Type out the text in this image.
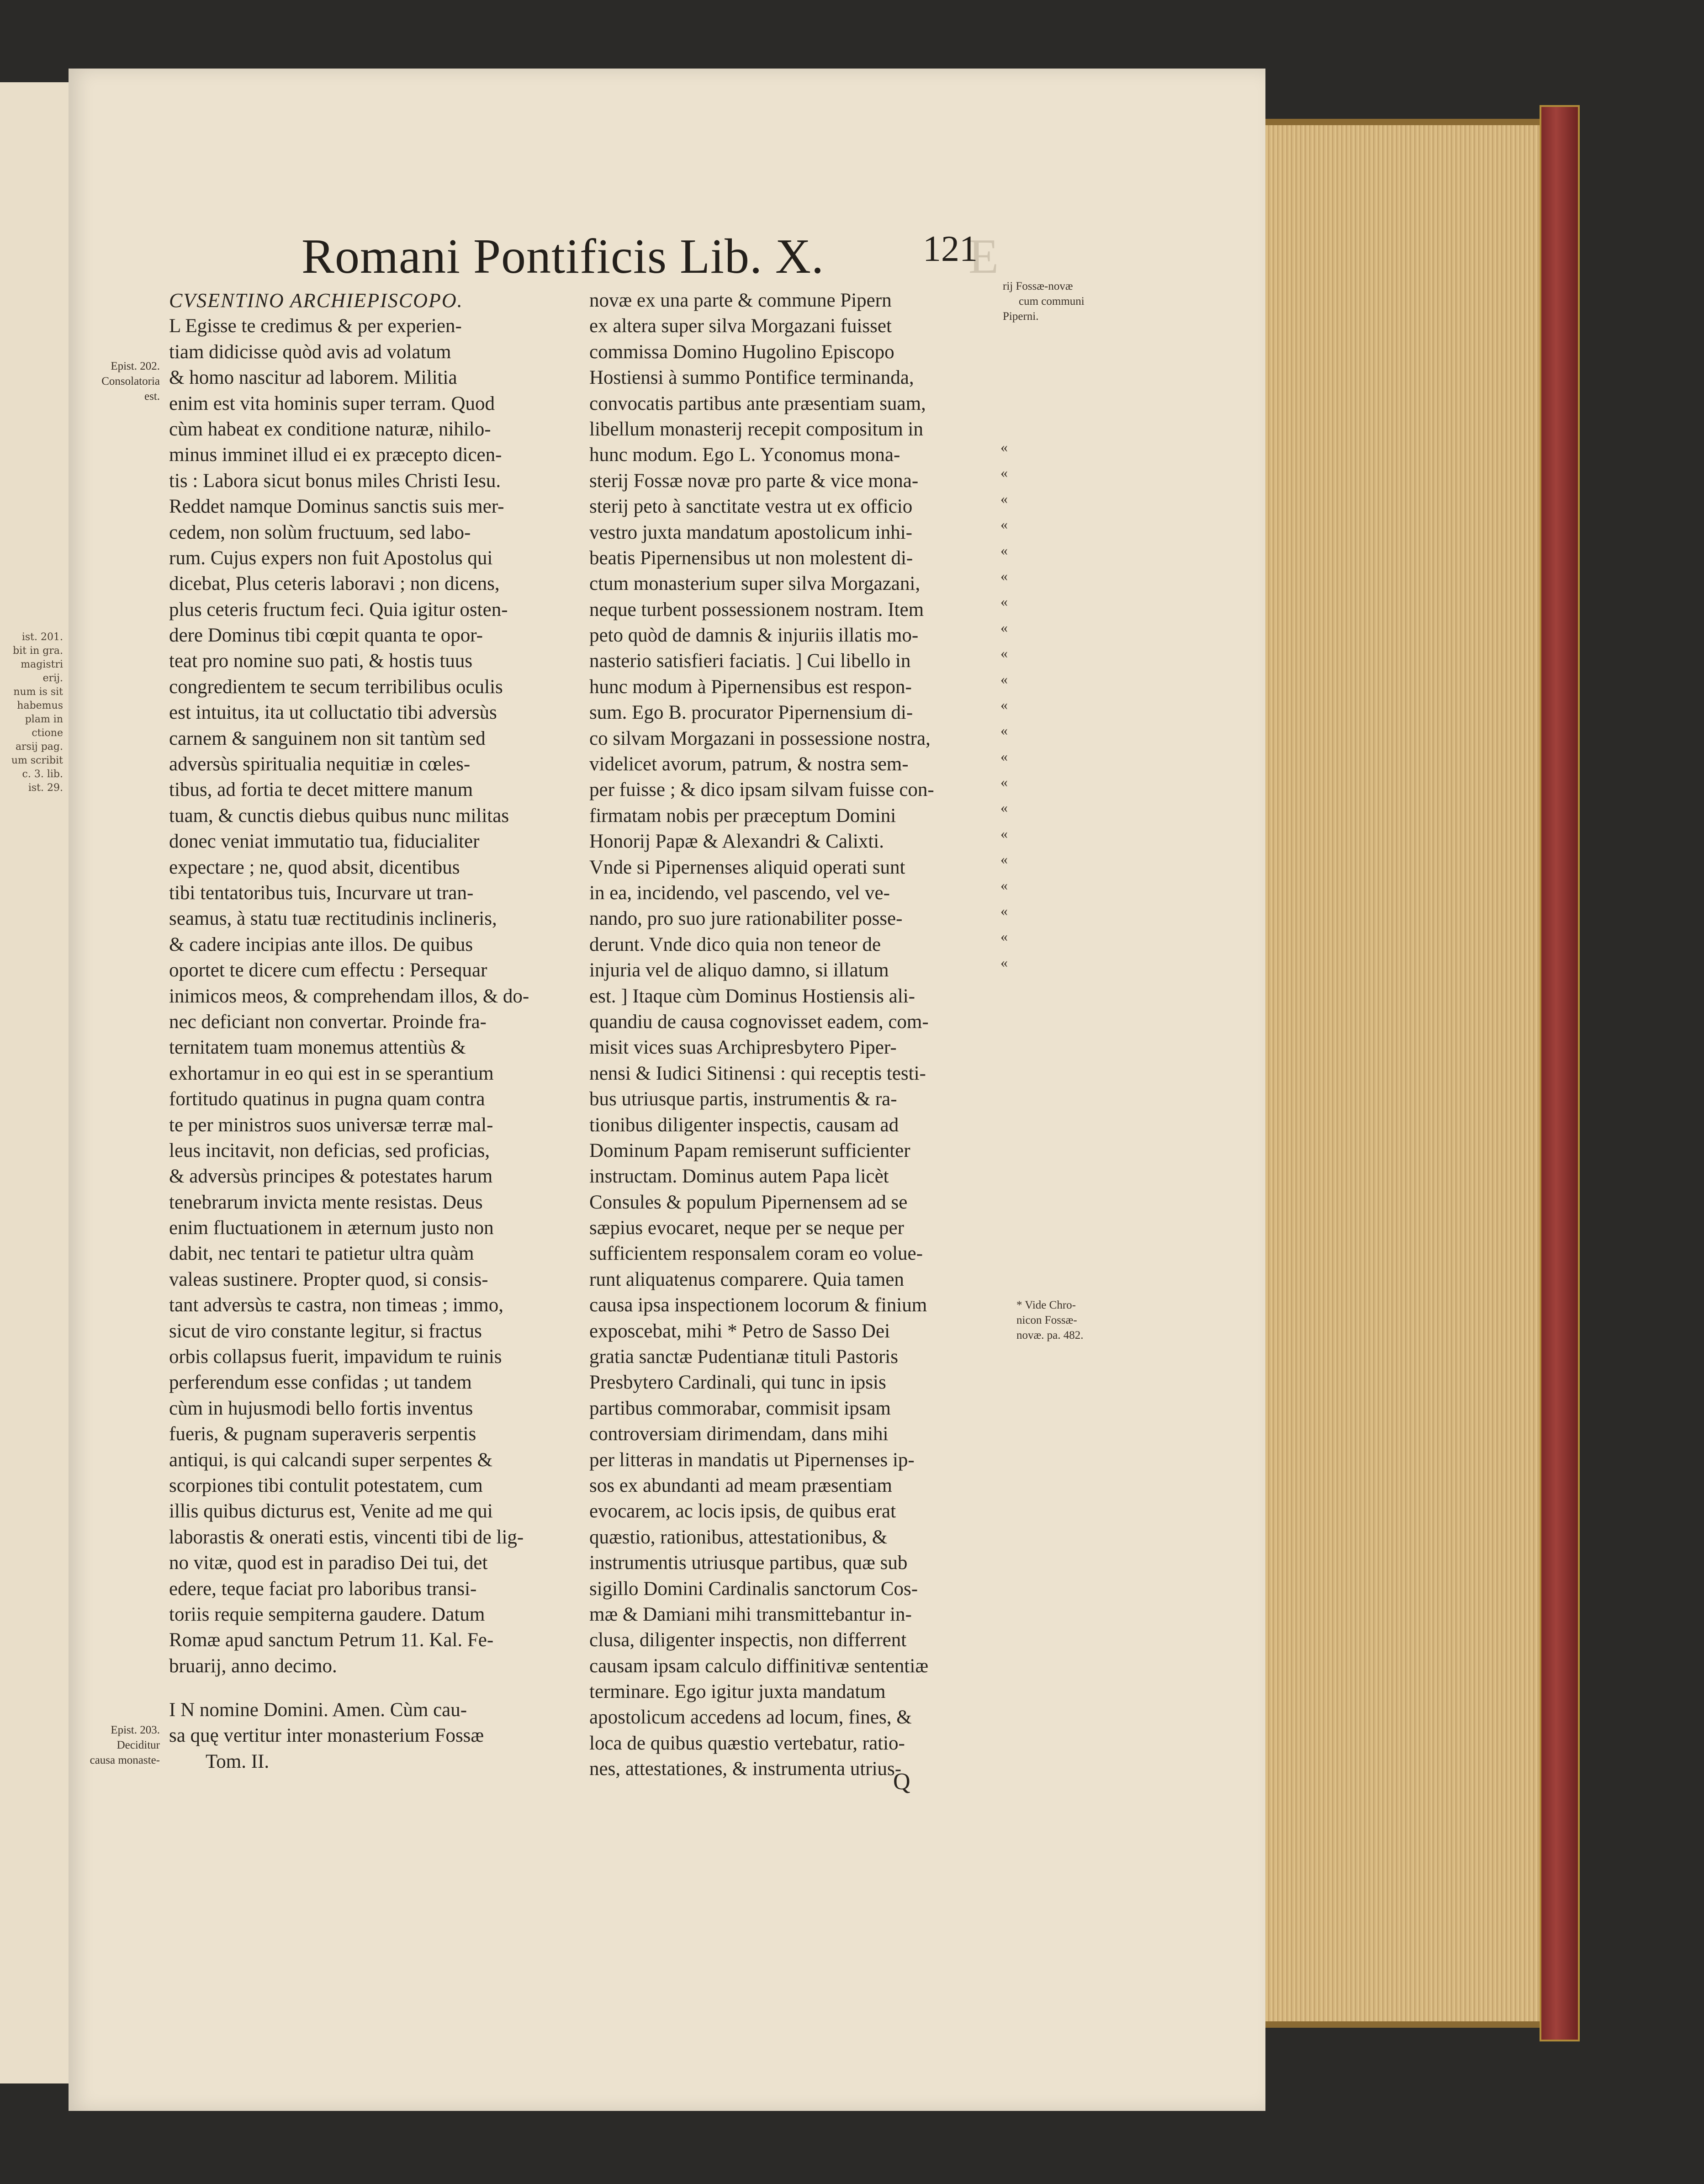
ist. 201.
bit in gra.
magistri
erij.
num is sit
habemus
plam in
ctione
arsij pag.
um scribit
c. 3. lib.
ist. 29.
Romani Pontificis Lib. X.	E
121
Epist. 202.
Consolatoria
est.
Epist. 203.
Deciditur
causa monaste-
rij Fossæ-novæ
cum communi
Piperni.
* Vide Chro-
nicon Fossæ-
novæ. pa. 482.
«
«
«
«
«
«
«
«
«
«
«
«
«
«
«
«
«
«
«
«
«
CVSENTINO ARCHIEPISCOPO.
L Egisse te credimus & per experien-
tiam didicisse quòd avis ad volatum
& homo nascitur ad laborem. Militia
enim est vita hominis super terram. Quod
cùm habeat ex conditione naturæ, nihilo-
minus imminet illud ei ex præcepto dicen-
tis : Labora sicut bonus miles Christi Iesu.
Reddet namque Dominus sanctis suis mer-
cedem, non solùm fructuum, sed labo-
rum. Cujus expers non fuit Apostolus qui
dicebat, Plus ceteris laboravi ; non dicens,
plus ceteris fructum feci. Quia igitur osten-
dere Dominus tibi cœpit quanta te opor-
teat pro nomine suo pati, & hostis tuus
congredientem te secum terribilibus oculis
est intuitus, ita ut colluctatio tibi adversùs
carnem & sanguinem non sit tantùm sed
adversùs spiritualia nequitiæ in cœles-
tibus, ad fortia te decet mittere manum
tuam, & cunctis diebus quibus nunc militas
donec veniat immutatio tua, fiducialiter
expectare ; ne, quod absit, dicentibus
tibi tentatoribus tuis, Incurvare ut tran-
seamus, à statu tuæ rectitudinis inclineris,
& cadere incipias ante illos. De quibus
oportet te dicere cum effectu : Persequar
inimicos meos, & comprehendam illos, & do-
nec deficiant non convertar. Proinde fra-
ternitatem tuam monemus attentiùs &
exhortamur in eo qui est in se sperantium
fortitudo quatinus in pugna quam contra
te per ministros suos universæ terræ mal-
leus incitavit, non deficias, sed proficias,
& adversùs principes & potestates harum
tenebrarum invicta mente resistas. Deus
enim fluctuationem in æternum justo non
dabit, nec tentari te patietur ultra quàm
valeas sustinere. Propter quod, si consis-
tant adversùs te castra, non timeas ; immo,
sicut de viro constante legitur, si fractus
orbis collapsus fuerit, impavidum te ruinis
perferendum esse confidas ; ut tandem
cùm in hujusmodi bello fortis inventus
fueris, & pugnam superaveris serpentis
antiqui, is qui calcandi super serpentes &
scorpiones tibi contulit potestatem, cum
illis quibus dicturus est, Venite ad me qui
laborastis & onerati estis, vincenti tibi de lig-
no vitæ, quod est in paradiso Dei tui, det
edere, teque faciat pro laboribus transi-
toriis requie sempiterna gaudere. Datum
Romæ apud sanctum Petrum 11. Kal. Fe-
bruarij, anno decimo.
I N nomine Domini. Amen. Cùm cau-
sa quę vertitur inter monasterium Fossæ
Tom. II.
novæ ex una parte & commune Pipern
ex altera super silva Morgazani fuisset
commissa Domino Hugolino Episcopo
Hostiensi à summo Pontifice terminanda,
convocatis partibus ante præsentiam suam,
libellum monasterij recepit compositum in
hunc modum. Ego L. Yconomus mona-
sterij Fossæ novæ pro parte & vice mona-
sterij peto à sanctitate vestra ut ex officio
vestro juxta mandatum apostolicum inhi-
beatis Pipernensibus ut non molestent di-
ctum monasterium super silva Morgazani,
neque turbent possessionem nostram. Item
peto quòd de damnis & injuriis illatis mo-
nasterio satisfieri faciatis. ] Cui libello in
hunc modum à Pipernensibus est respon-
sum. Ego B. procurator Pipernensium di-
co silvam Morgazani in possessione nostra,
videlicet avorum, patrum, & nostra sem-
per fuisse ; & dico ipsam silvam fuisse con-
firmatam nobis per præceptum Domini
Honorij Papæ & Alexandri & Calixti.
Vnde si Pipernenses aliquid operati sunt
in ea, incidendo, vel pascendo, vel ve-
nando, pro suo jure rationabiliter posse-
derunt. Vnde dico quia non teneor de
injuria vel de aliquo damno, si illatum
est. ] Itaque cùm Dominus Hostiensis ali-
quandiu de causa cognovisset eadem, com-
misit vices suas Archipresbytero Piper-
nensi & Iudici Sitinensi : qui receptis testi-
bus utriusque partis, instrumentis & ra-
tionibus diligenter inspectis, causam ad
Dominum Papam remiserunt sufficienter
instructam. Dominus autem Papa licèt
Consules & populum Pipernensem ad se
sæpius evocaret, neque per se neque per
sufficientem responsalem coram eo volue-
runt aliquatenus comparere. Quia tamen
causa ipsa inspectionem locorum & finium
exposcebat, mihi * Petro de Sasso Dei
gratia sanctæ Pudentianæ tituli Pastoris
Presbytero Cardinali, qui tunc in ipsis
partibus commorabar, commisit ipsam
controversiam dirimendam, dans mihi
per litteras in mandatis ut Pipernenses ip-
sos ex abundanti ad meam præsentiam
evocarem, ac locis ipsis, de quibus erat
quæstio, rationibus, attestationibus, &
instrumentis utriusque partibus, quæ sub
sigillo Domini Cardinalis sanctorum Cos-
mæ & Damiani mihi transmittebantur in-
clusa, diligenter inspectis, non differrent
causam ipsam calculo diffinitivæ sententiæ
terminare. Ego igitur juxta mandatum
apostolicum accedens ad locum, fines, &
loca de quibus quæstio vertebatur, ratio-
nes, attestationes, & instrumenta utrius-
Q
